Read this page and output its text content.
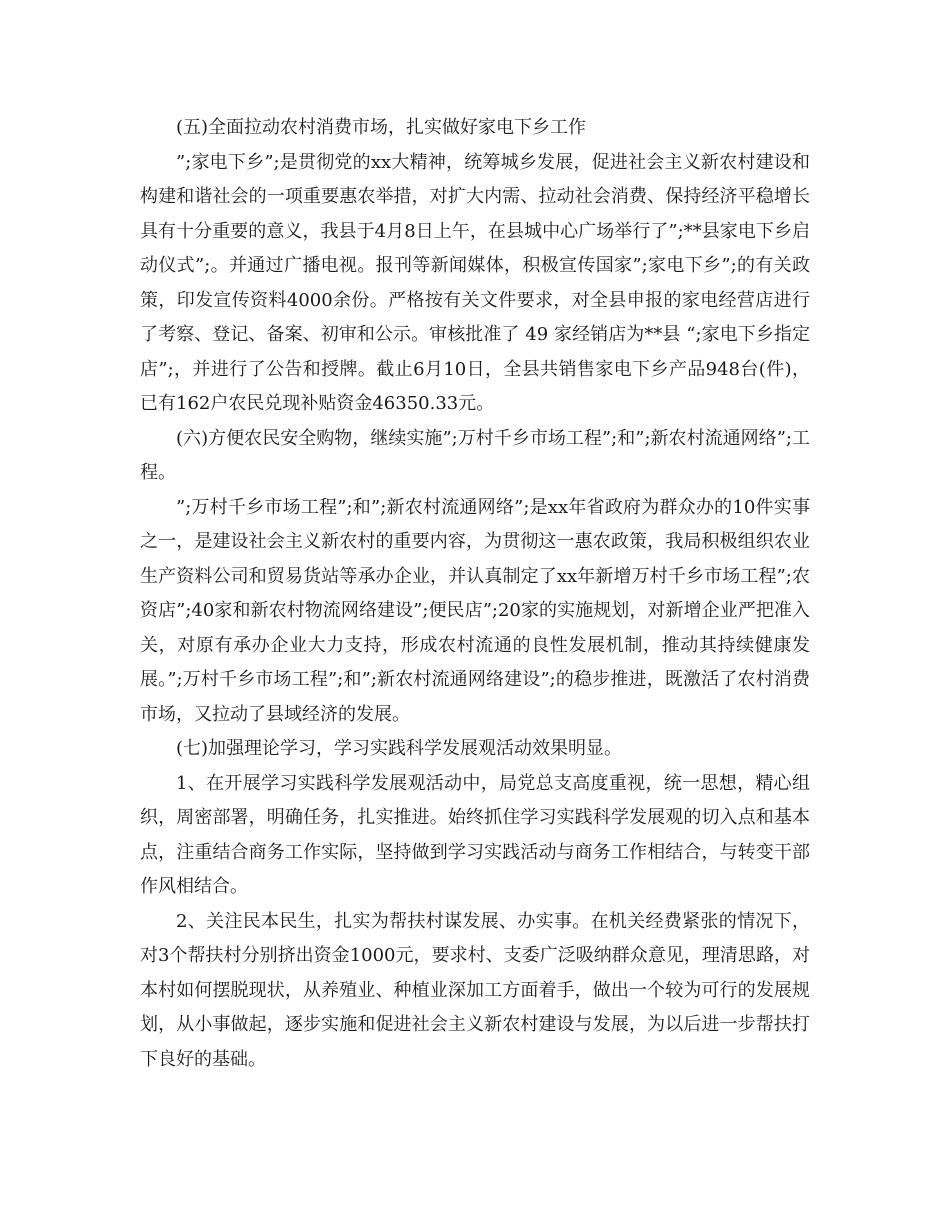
(五)全面拉动农村消费市场，扎实做好家电下乡工作

”;家电下乡”;是贯彻党的xx大精神，统筹城乡发展，促进社会主义新农村建设和构建和谐社会的一项重要惠农举措，对扩大内需、拉动社会消费、保持经济平稳增长具有十分重要的意义，我县于4月8日上午，在县城中心广场举行了”;**县家电下乡启 动仪式”;。并通过广播电视。报刊等新闻媒体，积极宣传国家”;家电下乡”;的有关政策，印发宣传资料4000余份。严格按有关文件要求，对全县申报的家电经营店进行了考察、登记、备案、初审和公示。审核批准了 49 家经销店为**县 “;家电下乡指定店”;，并进行了公告和授牌。截止6月10日，全县共销售家电下乡产品948台(件)，已有162户农民兑现补贴资金46350.33元。

(六)方便农民安全购物，继续实施”;万村千乡市场工程”;和”;新农村流通网络”;工程。

”;万村千乡市场工程”;和”;新农村流通网络”;是xx年省政府为群众办的10件实事之一，是建设社会主义新农村的重要内容，为贯彻这一惠农政策，我局积极组织农业生产资料公司和贸易货站等承办企业，并认真制定了xx年新增万村千乡市场工程”;农资店”;40家和新农村物流网络建设”;便民店”;20家的实施规划，对新增企业严把准入关，对原有承办企业大力支持，形成农村流通的良性发展机制，推动其持续健康发展。”;万村千乡市场工程”;和”;新农村流通网络建设”;的稳步推进，既激活了农村消费市场，又拉动了县域经济的发展。

(七)加强理论学习，学习实践科学发展观活动效果明显。

1、在开展学习实践科学发展观活动中，局党总支高度重视，统一思想，精心组织，周密部署，明确任务，扎实推进。始终抓住学习实践科学发展观的切入点和基本点，注重结合商务工作实际，坚持做到学习实践活动与商务工作相结合，与转变干部作风相结合。

2、关注民本民生，扎实为帮扶村谋发展、办实事。在机关经费紧张的情况下，对3个帮扶村分别挤出资金1000元，要求村、支委广泛吸纳群众意见，理清思路，对本村如何摆脱现状，从养殖业、种植业深加工方面着手，做出一个较为可行的发展规划，从小事做起，逐步实施和促进社会主义新农村建设与发展，为以后进一步帮扶打下良好的基础。
